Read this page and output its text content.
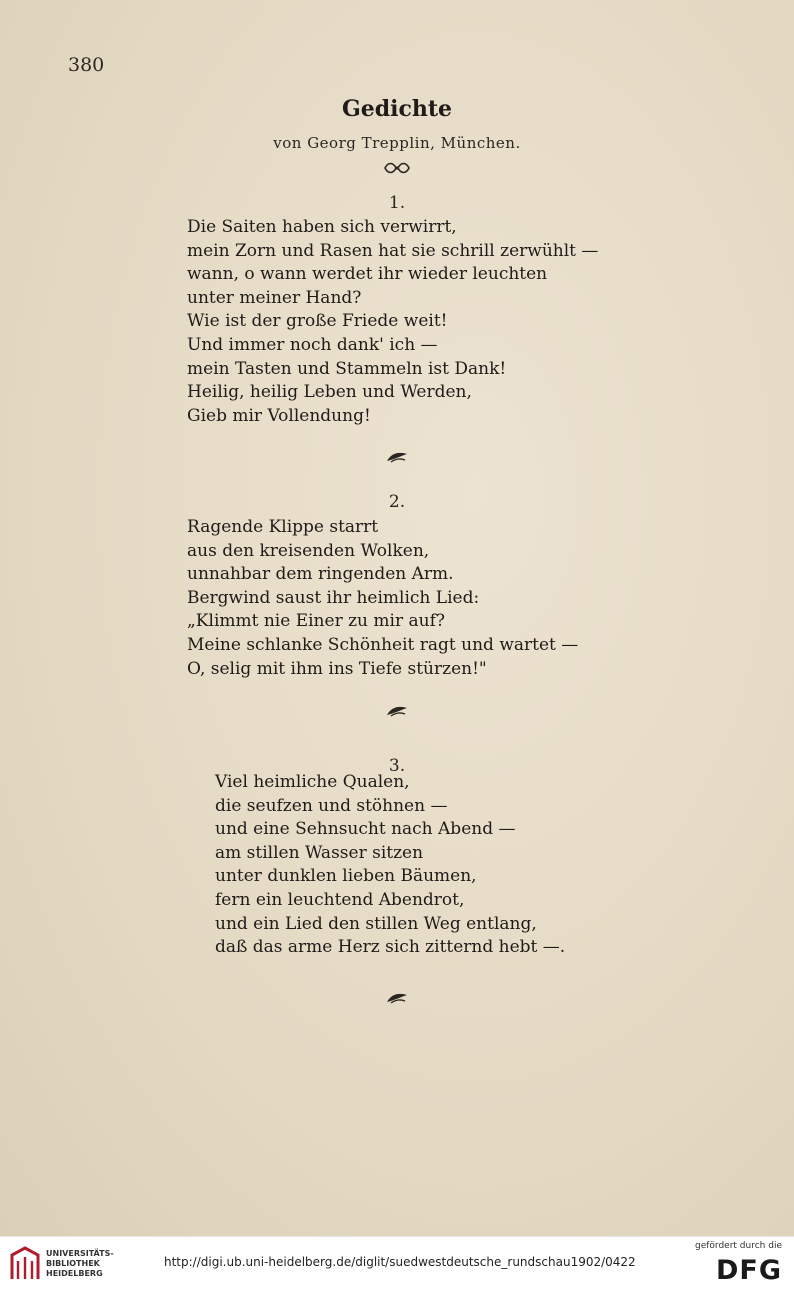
380
Gedichte
von Georg Trepplin, München.
1.
Die Saiten haben sich verwirrt,
mein Zorn und Rasen hat sie schrill zerwühlt —
wann, o wann werdet ihr wieder leuchten
unter meiner Hand?
Wie ist der große Friede weit!
Und immer noch dank' ich —
mein Tasten und Stammeln ist Dank!
Heilig, heilig Leben und Werden,
Gieb mir Vollendung!
2.
Ragende Klippe starrt
aus den kreisenden Wolken,
unnahbar dem ringenden Arm.
Bergwind saust ihr heimlich Lied:
„Klimmt nie Einer zu mir auf?
Meine schlanke Schönheit ragt und wartet —
O, selig mit ihm ins Tiefe stürzen!"
3.
Viel heimliche Qualen,
die seufzen und stöhnen —
und eine Sehnsucht nach Abend —
am stillen Wasser sitzen
unter dunklen lieben Bäumen,
fern ein leuchtend Abendrot,
und ein Lied den stillen Weg entlang,
daß das arme Herz sich zitternd hebt —.
UNIVERSITÄTS-
BIBLIOTHEK
HEIDELBERG
http://digi.ub.uni-heidelberg.de/diglit/suedwestdeutsche_rundschau1902/0422
gefördert durch die
DFG
